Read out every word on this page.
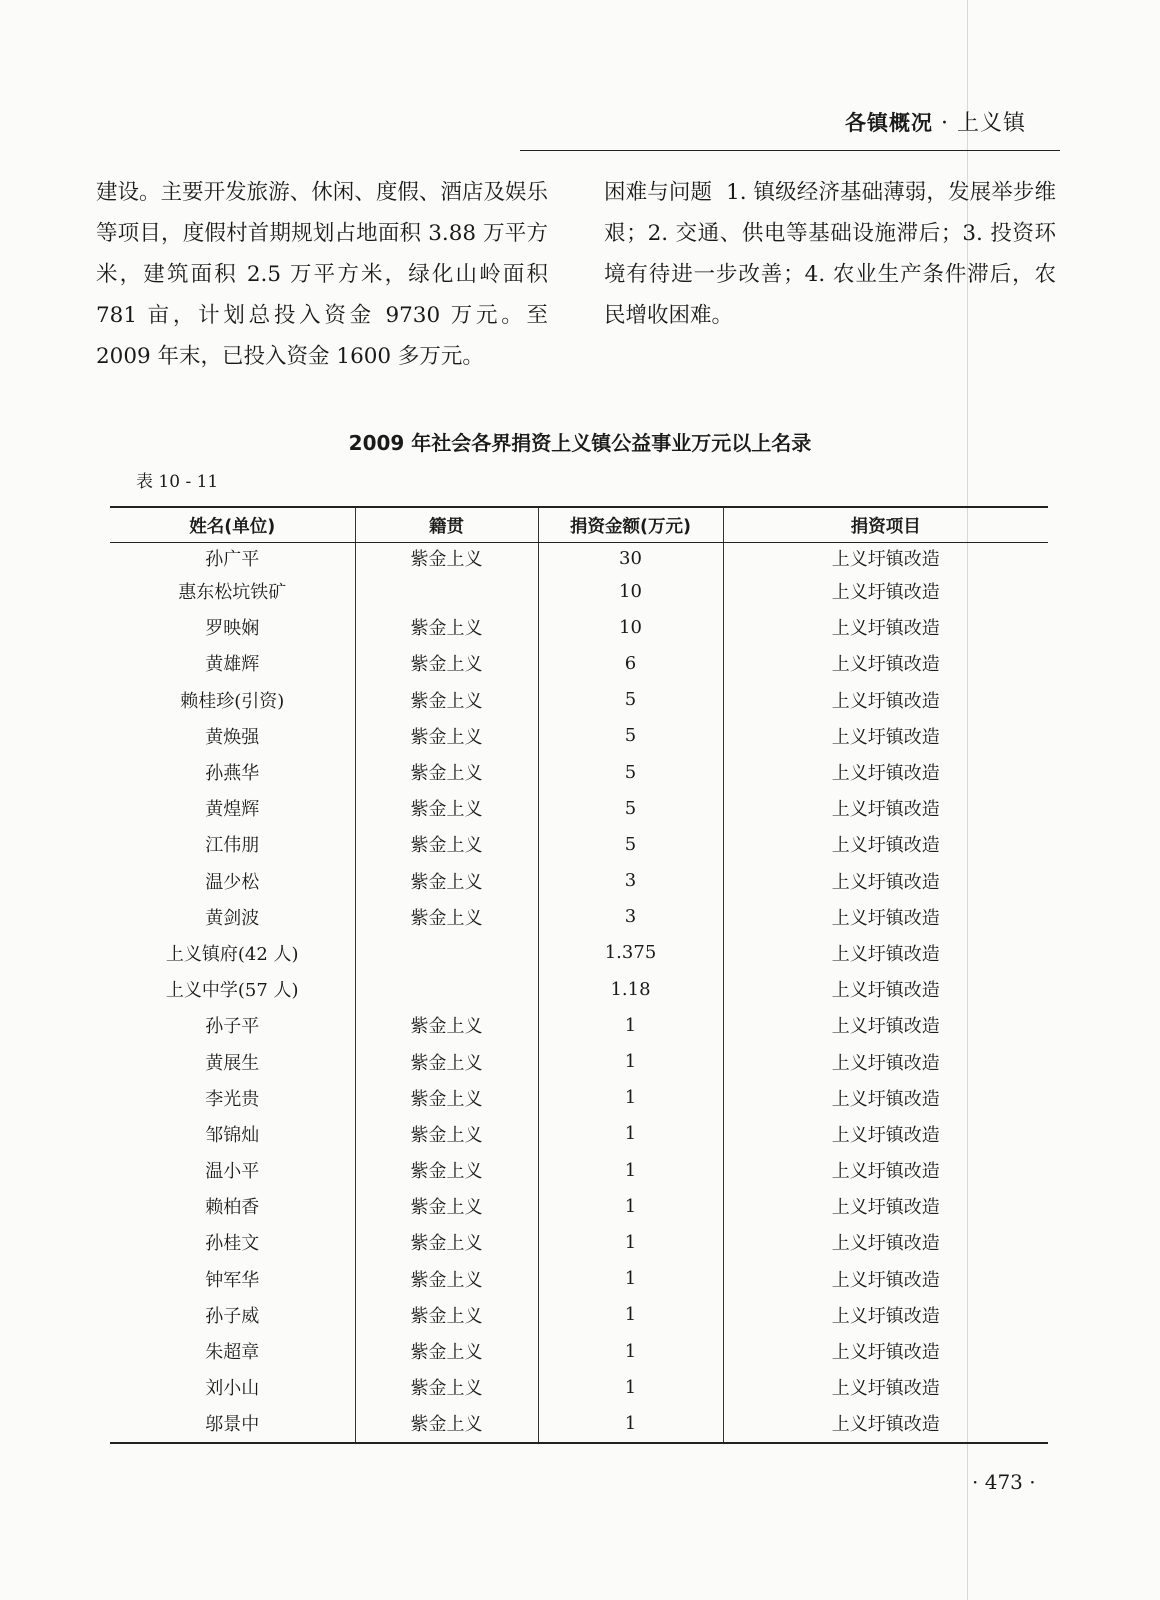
各镇概况 · 上义镇

建设。主要开发旅游、休闲、度假、酒店及娱乐等项目，度假村首期规划占地面积 3.88 万平方米，建筑面积 2.5 万平方米，绿化山岭面积 781 亩，计划总投入资金 9730 万元。至 2009 年末，已投入资金 1600 多万元。

困难与问题 1. 镇级经济基础薄弱，发展举步维艰；2. 交通、供电等基础设施滞后；3. 投资环境有待进一步改善；4. 农业生产条件滞后，农民增收困难。

2009 年社会各界捐资上义镇公益事业万元以上名录
表 10 - 11
姓名(单位)	籍贯	捐资金额(万元)	捐资项目
孙广平	紫金上义	30	上义圩镇改造
惠东松坑铁矿		10	上义圩镇改造
罗映娴	紫金上义	10	上义圩镇改造
黄雄辉	紫金上义	6	上义圩镇改造
赖桂珍(引资)	紫金上义	5	上义圩镇改造
黄焕强	紫金上义	5	上义圩镇改造
孙燕华	紫金上义	5	上义圩镇改造
黄煌辉	紫金上义	5	上义圩镇改造
江伟朋	紫金上义	5	上义圩镇改造
温少松	紫金上义	3	上义圩镇改造
黄剑波	紫金上义	3	上义圩镇改造
上义镇府(42 人)		1.375	上义圩镇改造
上义中学(57 人)		1.18	上义圩镇改造
孙子平	紫金上义	1	上义圩镇改造
黄展生	紫金上义	1	上义圩镇改造
李光贵	紫金上义	1	上义圩镇改造
邹锦灿	紫金上义	1	上义圩镇改造
温小平	紫金上义	1	上义圩镇改造
赖柏香	紫金上义	1	上义圩镇改造
孙桂文	紫金上义	1	上义圩镇改造
钟军华	紫金上义	1	上义圩镇改造
孙子威	紫金上义	1	上义圩镇改造
朱超章	紫金上义	1	上义圩镇改造
刘小山	紫金上义	1	上义圩镇改造
邬景中	紫金上义	1	上义圩镇改造
· 473 ·
